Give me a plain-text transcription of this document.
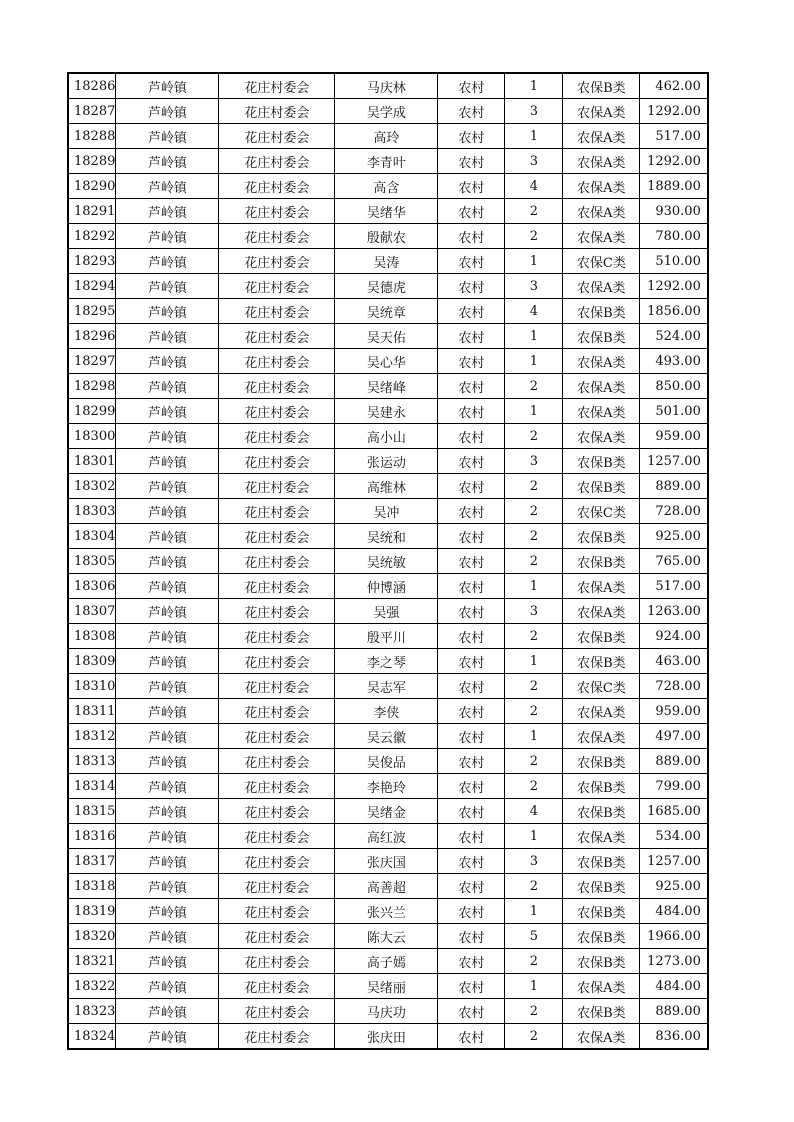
18286	芦岭镇	花庄村委会	马庆林	农村	1	农保B类	462.00
18287	芦岭镇	花庄村委会	吴学成	农村	3	农保A类	1292.00
18288	芦岭镇	花庄村委会	高玲	农村	1	农保A类	517.00
18289	芦岭镇	花庄村委会	李青叶	农村	3	农保A类	1292.00
18290	芦岭镇	花庄村委会	高含	农村	4	农保A类	1889.00
18291	芦岭镇	花庄村委会	吴绪华	农村	2	农保A类	930.00
18292	芦岭镇	花庄村委会	殷献农	农村	2	农保A类	780.00
18293	芦岭镇	花庄村委会	吴涛	农村	1	农保C类	510.00
18294	芦岭镇	花庄村委会	吴德虎	农村	3	农保A类	1292.00
18295	芦岭镇	花庄村委会	吴统章	农村	4	农保B类	1856.00
18296	芦岭镇	花庄村委会	吴天佑	农村	1	农保B类	524.00
18297	芦岭镇	花庄村委会	吴心华	农村	1	农保A类	493.00
18298	芦岭镇	花庄村委会	吴绪峰	农村	2	农保A类	850.00
18299	芦岭镇	花庄村委会	吴建永	农村	1	农保A类	501.00
18300	芦岭镇	花庄村委会	高小山	农村	2	农保A类	959.00
18301	芦岭镇	花庄村委会	张运动	农村	3	农保B类	1257.00
18302	芦岭镇	花庄村委会	高维林	农村	2	农保B类	889.00
18303	芦岭镇	花庄村委会	吴冲	农村	2	农保C类	728.00
18304	芦岭镇	花庄村委会	吴统和	农村	2	农保B类	925.00
18305	芦岭镇	花庄村委会	吴统敏	农村	2	农保B类	765.00
18306	芦岭镇	花庄村委会	仲博涵	农村	1	农保A类	517.00
18307	芦岭镇	花庄村委会	吴强	农村	3	农保A类	1263.00
18308	芦岭镇	花庄村委会	殷平川	农村	2	农保B类	924.00
18309	芦岭镇	花庄村委会	李之琴	农村	1	农保B类	463.00
18310	芦岭镇	花庄村委会	吴志军	农村	2	农保C类	728.00
18311	芦岭镇	花庄村委会	李侠	农村	2	农保A类	959.00
18312	芦岭镇	花庄村委会	吴云徽	农村	1	农保A类	497.00
18313	芦岭镇	花庄村委会	吴俊品	农村	2	农保B类	889.00
18314	芦岭镇	花庄村委会	李艳玲	农村	2	农保B类	799.00
18315	芦岭镇	花庄村委会	吴绪金	农村	4	农保B类	1685.00
18316	芦岭镇	花庄村委会	高红波	农村	1	农保A类	534.00
18317	芦岭镇	花庄村委会	张庆国	农村	3	农保B类	1257.00
18318	芦岭镇	花庄村委会	高善超	农村	2	农保B类	925.00
18319	芦岭镇	花庄村委会	张兴兰	农村	1	农保B类	484.00
18320	芦岭镇	花庄村委会	陈大云	农村	5	农保B类	1966.00
18321	芦岭镇	花庄村委会	高子嫣	农村	2	农保B类	1273.00
18322	芦岭镇	花庄村委会	吴绪丽	农村	1	农保A类	484.00
18323	芦岭镇	花庄村委会	马庆功	农村	2	农保B类	889.00
18324	芦岭镇	花庄村委会	张庆田	农村	2	农保A类	836.00
